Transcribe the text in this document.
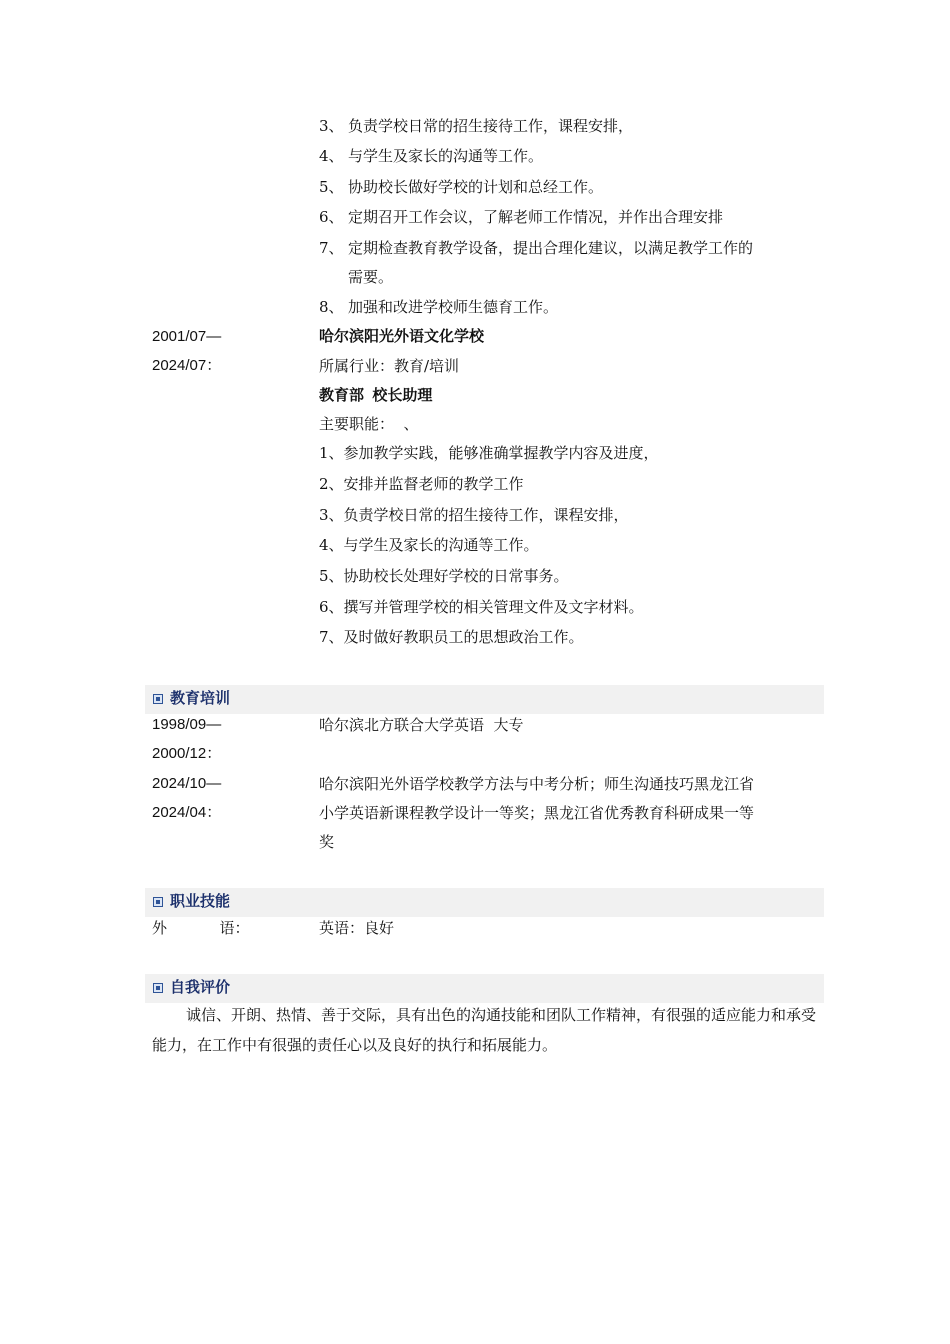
3、 负责学校日常的招生接待工作，课程安排，
4、 与学生及家长的沟通等工作。
5、 协助校长做好学校的计划和总经工作。
6、 定期召开工作会议，了解老师工作情况，并作出合理安排
7、 定期检查教育教学设备，提出合理化建议，以满足教学工作的
需要。
8、 加强和改进学校师生德育工作。
2001/07—	哈尔滨阳光外语文化学校
2024/07：	所属行业：教育/培训
教育部  校长助理
主要职能：  、
1、参加教学实践，能够准确掌握教学内容及进度，
2、安排并监督老师的教学工作
3、负责学校日常的招生接待工作，课程安排，
4、与学生及家长的沟通等工作。
5、协助校长处理好学校的日常事务。
6、撰写并管理学校的相关管理文件及文字材料。
7、及时做好教职员工的思想政治工作。
教育培训
1998/09—	哈尔滨北方联合大学英语  大专
2000/12：
2024/10—	哈尔滨阳光外语学校教学方法与中考分析；师生沟通技巧黑龙江省
2024/04：	小学英语新课程教学设计一等奖；黑龙江省优秀教育科研成果一等
奖
职业技能
外           语：	英语：良好
自我评价
诚信、开朗、热情、善于交际，具有出色的沟通技能和团队工作精神，有很强的适应能力和承受能力，在工作中有很强的责任心以及良好的执行和拓展能力。
